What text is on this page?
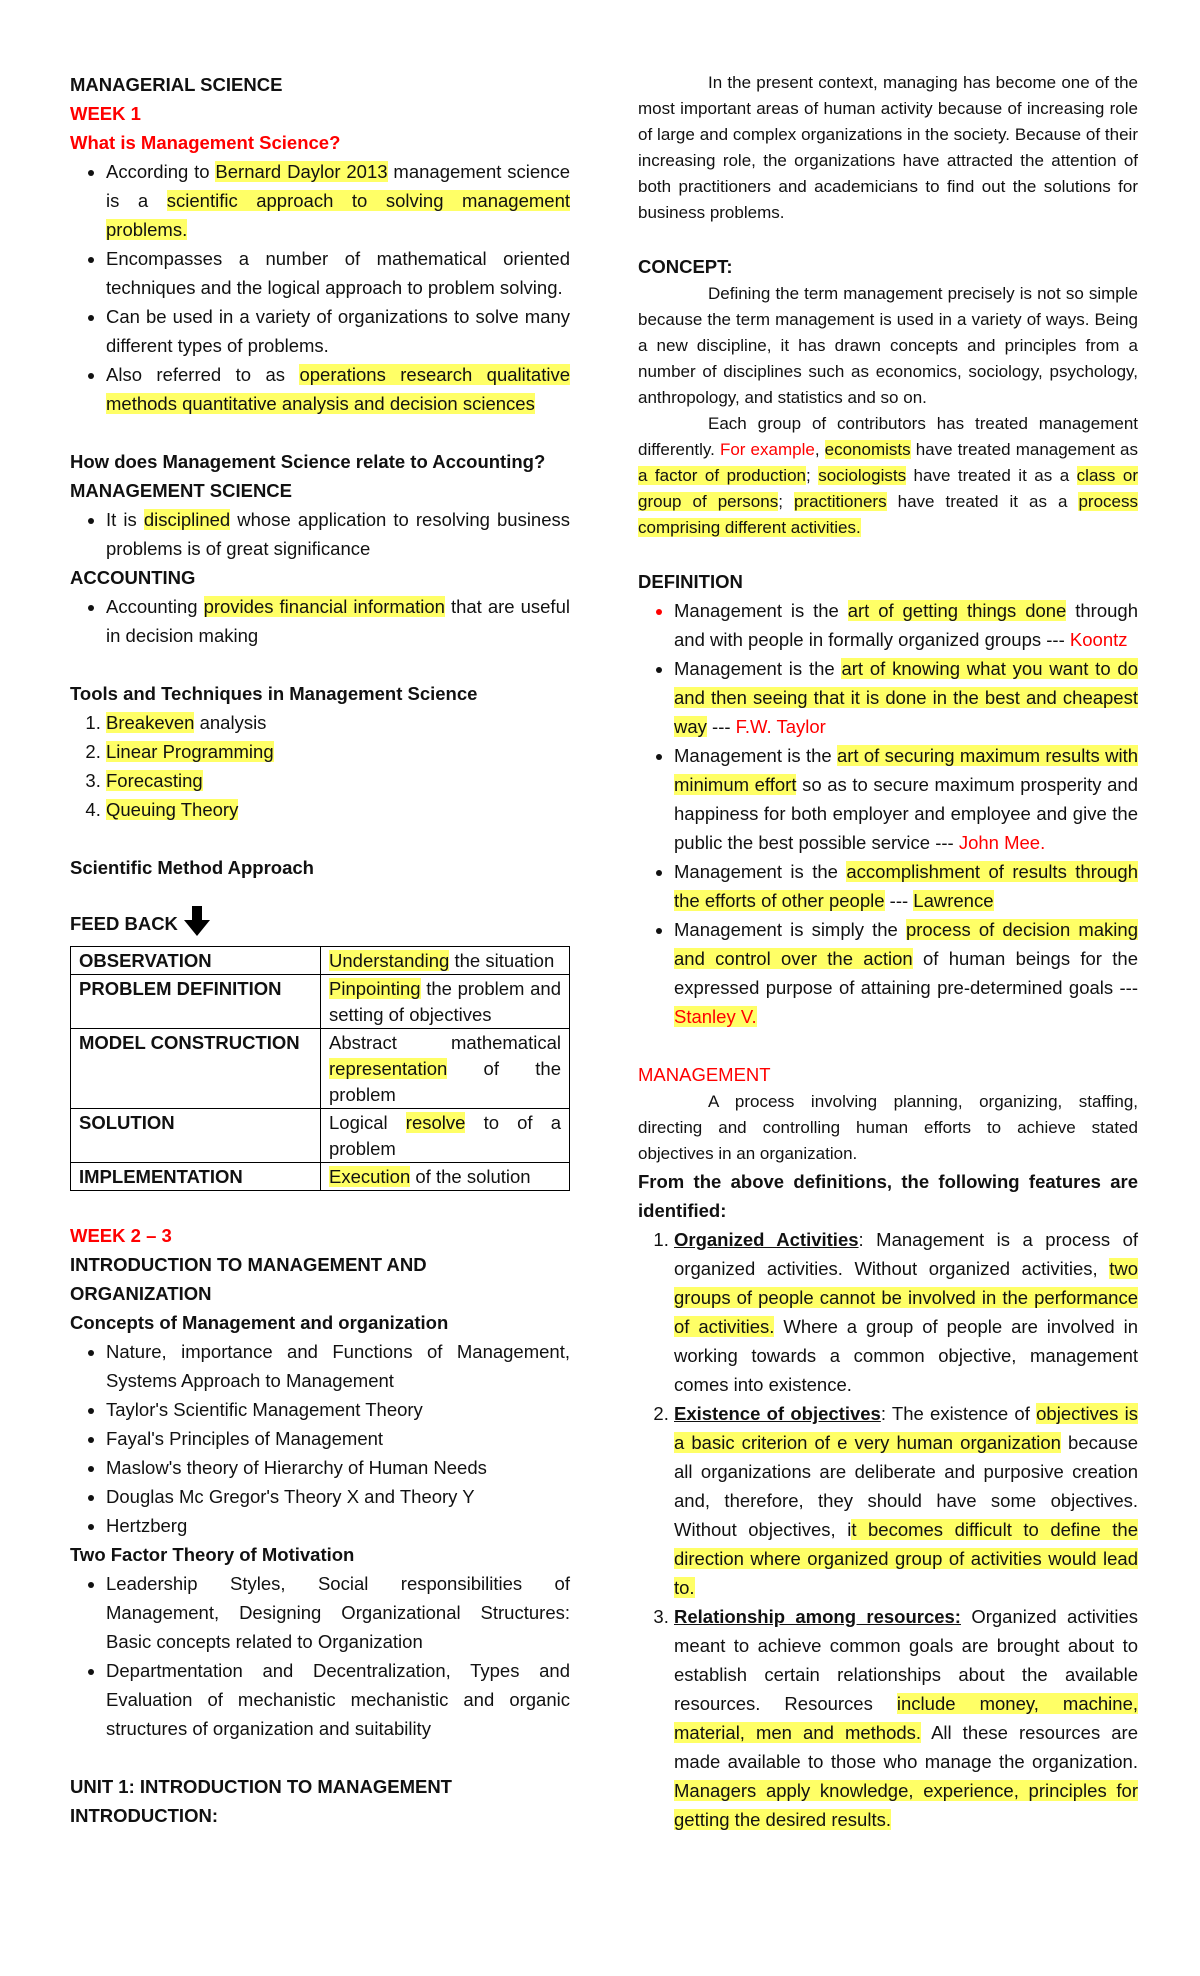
MANAGERIAL SCIENCE

WEEK 1

What is Management Science?

• According to Bernard Daylor 2013 management science is a scientific approach to solving management problems.
• Encompasses a number of mathematical oriented techniques and the logical approach to problem solving.
• Can be used in a variety of organizations to solve many different types of problems.
• Also referred to as operations research qualitative methods quantitative analysis and decision sciences

How does Management Science relate to Accounting?

MANAGEMENT SCIENCE

• It is disciplined whose application to resolving business problems is of great significance

ACCOUNTING

• Accounting provides financial information that are useful in decision making

Tools and Techniques in Management Science

1. Breakeven analysis
2. Linear Programming
3. Forecasting
4. Queuing Theory

Scientific Method Approach

FEED BACK

OBSERVATION	Understanding the situation
PROBLEM DEFINITION	Pinpointing the problem and setting of objectives
MODEL CONSTRUCTION	Abstract mathematical representation of the problem
SOLUTION	Logical resolve to of a problem
IMPLEMENTATION	Execution of the solution

WEEK 2 – 3

INTRODUCTION TO MANAGEMENT AND ORGANIZATION

Concepts of Management and organization

• Nature, importance and Functions of Management, Systems Approach to Management
• Taylor's Scientific Management Theory
• Fayal's Principles of Management
• Maslow's theory of Hierarchy of Human Needs
• Douglas Mc Gregor's Theory X and Theory Y
• Hertzberg

Two Factor Theory of Motivation

• Leadership Styles, Social responsibilities of Management, Designing Organizational Structures: Basic concepts related to Organization
• Departmentation and Decentralization, Types and Evaluation of mechanistic mechanistic and organic structures of organization and suitability

UNIT 1: INTRODUCTION TO MANAGEMENT

INTRODUCTION:

In the present context, managing has become one of the most important areas of human activity because of increasing role of large and complex organizations in the society. Because of their increasing role, the organizations have attracted the attention of both practitioners and academicians to find out the solutions for business problems.

CONCEPT:

Defining the term management precisely is not so simple because the term management is used in a variety of ways. Being a new discipline, it has drawn concepts and principles from a number of disciplines such as economics, sociology, psychology, anthropology, and statistics and so on.

Each group of contributors has treated management differently. For example, economists have treated management as a factor of production; sociologists have treated it as a class or group of persons; practitioners have treated it as a process comprising different activities.

DEFINITION

• Management is the art of getting things done through and with people in formally organized groups --- Koontz
• Management is the art of knowing what you want to do and then seeing that it is done in the best and cheapest way --- F.W. Taylor
• Management is the art of securing maximum results with minimum effort so as to secure maximum prosperity and happiness for both employer and employee and give the public the best possible service --- John Mee.
• Management is the accomplishment of results through the efforts of other people --- Lawrence
• Management is simply the process of decision making and control over the action of human beings for the expressed purpose of attaining pre-determined goals --- Stanley V.

MANAGEMENT

A process involving planning, organizing, staffing, directing and controlling human efforts to achieve stated objectives in an organization.

From the above definitions, the following features are identified:

1. Organized Activities: Management is a process of organized activities. Without organized activities, two groups of people cannot be involved in the performance of activities. Where a group of people are involved in working towards a common objective, management comes into existence.
2. Existence of objectives: The existence of objectives is a basic criterion of e very human organization because all organizations are deliberate and purposive creation and, therefore, they should have some objectives. Without objectives, it becomes difficult to define the direction where organized group of activities would lead to.
3. Relationship among resources: Organized activities meant to achieve common goals are brought about to establish certain relationships about the available resources. Resources include money, machine, material, men and methods. All these resources are made available to those who manage the organization. Managers apply knowledge, experience, principles for getting the desired results.
